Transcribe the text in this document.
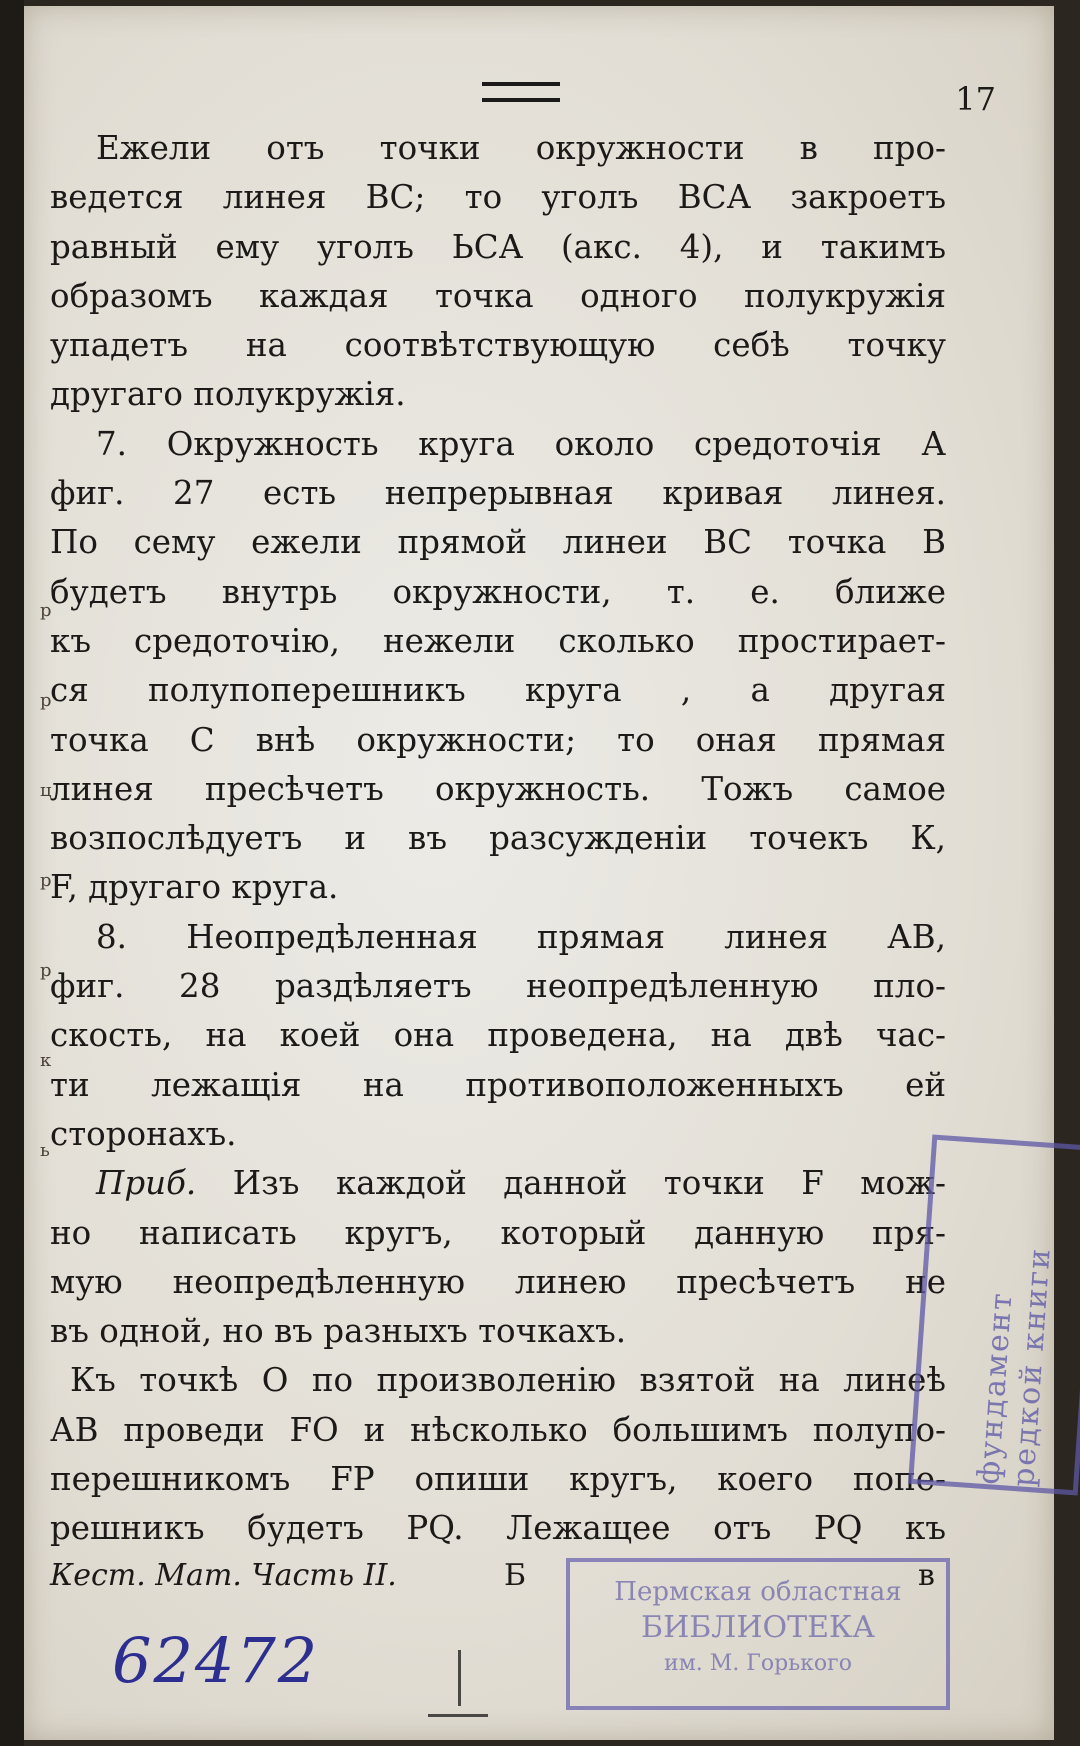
17
р
р
ц
р
р
к
ь
Ежели отъ точки окружности в про-
ведется линея ВС; то уголъ ВСА закроетъ
равный ему уголъ ЬСА (акс. 4), и такимъ
образомъ каждая точка одного полукружія
упадетъ на соотвѣтствующую себѣ точку
другаго полукружія.
7. Окружность круга около средоточія А
фиг. 27 есть непрерывная кривая линея.
По сему ежели прямой линеи ВС точка В
будетъ внутрь окружности, т. е. ближе
къ средоточію, нежели сколько простирает-
ся полупоперешникъ круга , а другая
точка С внѣ окружности; то оная прямая
линея пресѣчетъ окружность. Тожъ самое
возпослѣдуетъ и въ разсужденіи точекъ К,
F, другаго круга.
8. Неопредѣленная прямая линея АВ,
фиг. 28 раздѣляетъ неопредѣленную пло-
скость, на коей она проведена, на двѣ час-
ти лежащія на противоположенныхъ ей
сторонахъ.
Приб. Изъ каждой данной точки F мож-
но написать кругъ, который данную пря-
мую неопредѣленную линею пресѣчетъ не
въ одной, но въ разныхъ точкахъ.
Къ точкѣ О по произволенію взятой на линеѣ
АВ проведи FO и нѣсколько большимъ полупо-
перешникомъ FP опиши кругъ, коего попе-
решникъ будетъ PQ. Лежащее отъ PQ къ
Кест. Мат. Часть II.	Б	в
фундамент редкой книги
Пермская областная
БИБЛИОТЕКА
им. М. Горького
62472
